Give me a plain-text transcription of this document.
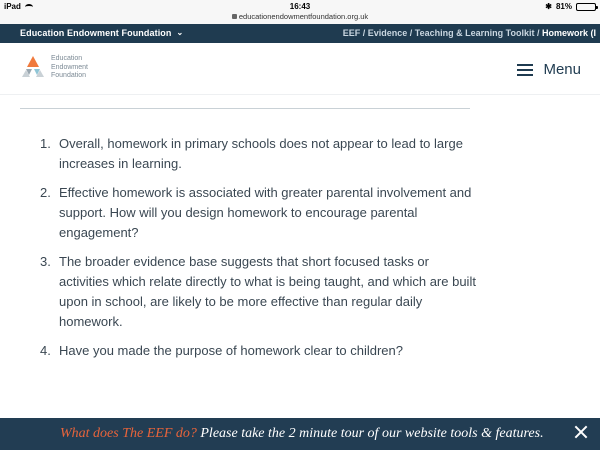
iPad	16:43
educationendowmentfoundation.org.uk
✱ 81%
Education Endowment Foundation ⌄	EEF / Evidence / Teaching & Learning Toolkit / Homework (I
Education
Endowment
Foundation	Menu
1. Overall, homework in primary schools does not appear to lead to large increases in learning.
2. Effective homework is associated with greater parental involvement and support. How will you design homework to encourage parental engagement?
3. The broader evidence base suggests that short focused tasks or activities which relate directly to what is being taught, and which are built upon in school, are likely to be more effective than regular daily homework.
4. Have you made the purpose of homework clear to children?
What does The EEF do? Please take the 2 minute tour of our website tools & features.
